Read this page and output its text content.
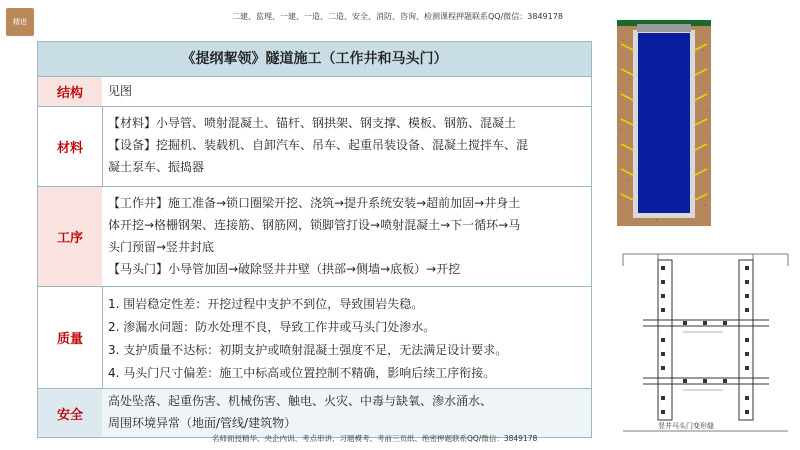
精进
二建、监理、一建、一造、二造、安全、消防、咨询、检测课程押题联系QQ/微信：3849178
《提纲挈领》隧道施工（工作井和马头门）
结构	见图
材料
【材料】小导管、喷射混凝土、锚杆、钢拱架、钢支撑、模板、钢筋、混凝土
【设备】挖掘机、装载机、自卸汽车、吊车、起重吊装设备、混凝土搅拌车、混
凝土泵车、振捣器
工序
【工作井】施工准备→锁口圈梁开挖、浇筑→提升系统安装→超前加固→井身土
体开挖→格栅钢架、连接筋、钢筋网，锁脚管打设→喷射混凝土→下一循环→马
头门预留→竖井封底
【马头门】小导管加固→破除竖井井壁（拱部→侧墙→底板）→开挖
质量
1. 围岩稳定性差：开挖过程中支护不到位，导致围岩失稳。
2. 渗漏水问题：防水处理不良，导致工作井或马头门处渗水。
3. 支护质量不达标：初期支护或喷射混凝土强度不足，无法满足设计要求。
4. 马头门尺寸偏差：施工中标高或位置控制不精确，影响后续工序衔接。
安全
高处坠落、起重伤害、机械伤害、触电、火灾、中毒与缺氧、渗水涌水、
周围环境异常（地面/管线/建筑物）	竖井马头门变形缝
名师面授精华、央企内训、考点串讲、习题模考、考前三页纸、绝密押题联系QQ/微信：3849178
